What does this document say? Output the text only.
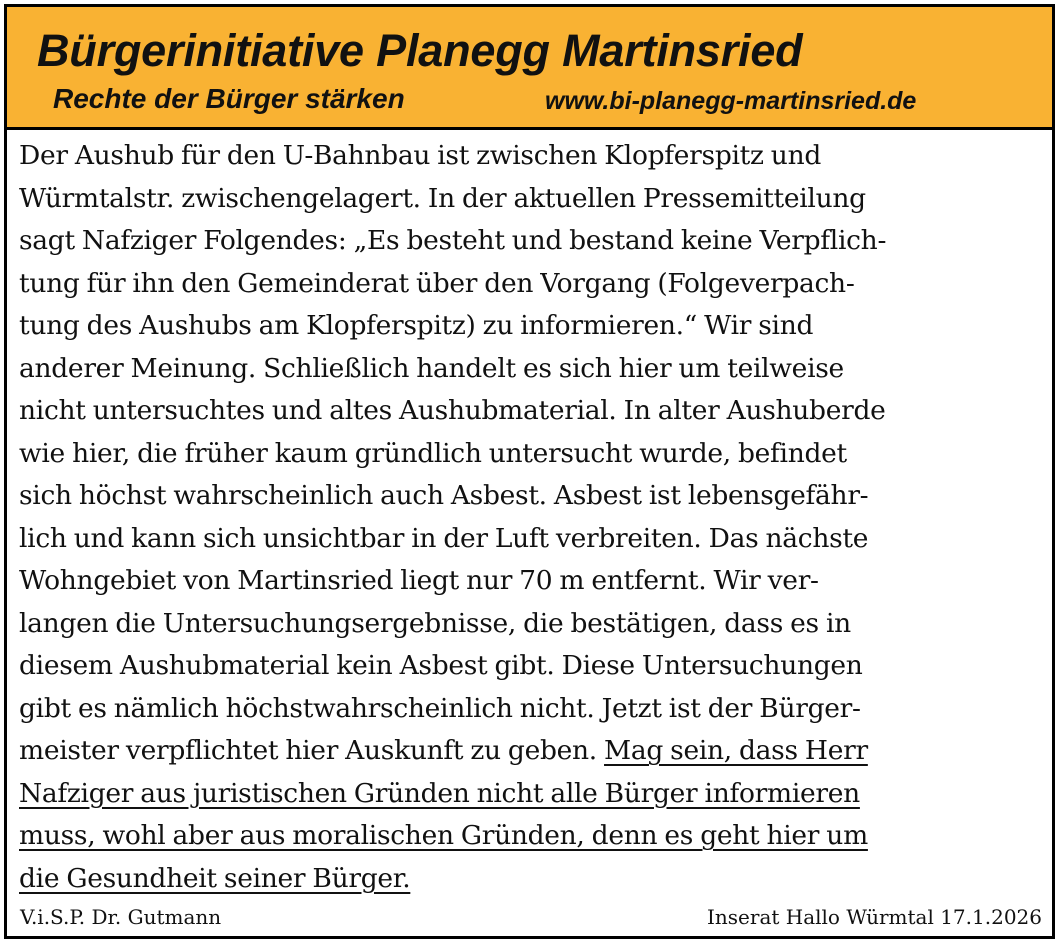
Bürgerinitiative Planegg Martinsried
Rechte der Bürger stärken	www.bi-planegg-martinsried.de
Der Aushub für den U-Bahnbau ist zwischen Klopferspitz und
Würmtalstr. zwischengelagert. In der aktuellen Pressemitteilung
sagt Nafziger Folgendes: „Es besteht und bestand keine Verpflich-
tung für ihn den Gemeinderat über den Vorgang (Folgeverpach-
tung des Aushubs am Klopferspitz) zu informieren.“ Wir sind
anderer Meinung. Schließlich handelt es sich hier um teilweise
nicht untersuchtes und altes Aushubmaterial. In alter Aushuberde
wie hier, die früher kaum gründlich untersucht wurde, befindet
sich höchst wahrscheinlich auch Asbest. Asbest ist lebensgefähr-
lich und kann sich unsichtbar in der Luft verbreiten. Das nächste
Wohngebiet von Martinsried liegt nur 70 m entfernt. Wir ver-
langen die Untersuchungsergebnisse, die bestätigen, dass es in
diesem Aushubmaterial kein Asbest gibt. Diese Untersuchungen
gibt es nämlich höchstwahrscheinlich nicht. Jetzt ist der Bürger-
meister verpflichtet hier Auskunft zu geben. Mag sein, dass Herr
Nafziger aus juristischen Gründen nicht alle Bürger informieren
muss, wohl aber aus moralischen Gründen, denn es geht hier um
die Gesundheit seiner Bürger.
V.i.S.P. Dr. Gutmann	Inserat Hallo Würmtal 17.1.2026
